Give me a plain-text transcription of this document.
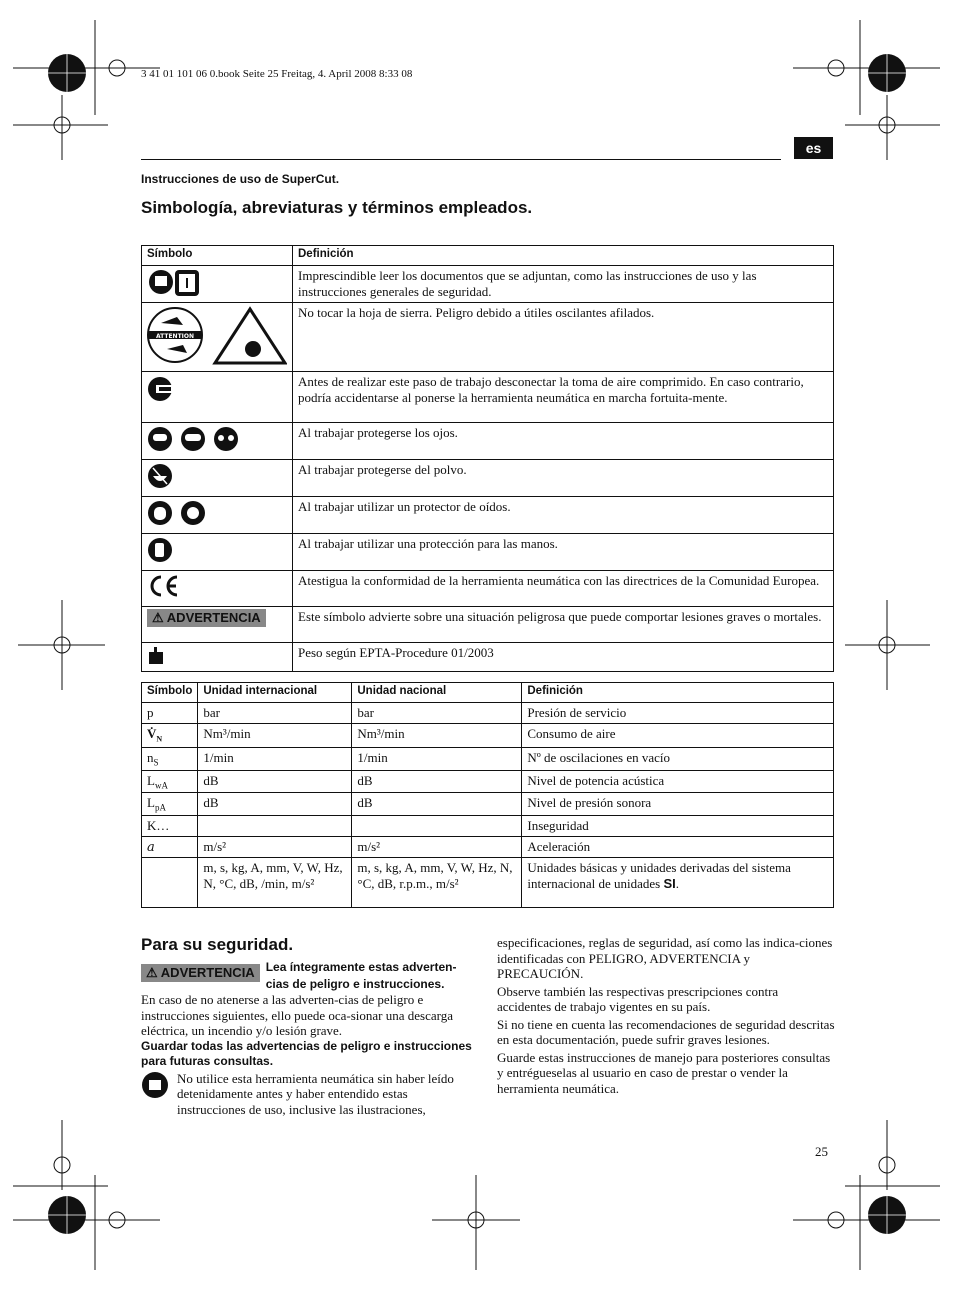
3 41 01 101 06 0.book Seite 25 Freitag, 4. April 2008 8:33 08
es
Instrucciones de uso de SuperCut.
Simbología, abreviaturas y términos empleados.
Símbolo	Definición
	Imprescindible leer los documentos que se adjuntan, como las instrucciones de uso y las instrucciones generales de seguridad.

ATTENTION	No tocar la hoja de sierra. Peligro debido a útiles oscilantes afilados.
	Antes de realizar este paso de trabajo desconectar la toma de aire comprimido. En caso contrario, podría accidentarse al ponerse la herramienta neumática en marcha fortuita-mente.
	Al trabajar protegerse los ojos.
	Al trabajar protegerse del polvo.
	Al trabajar utilizar un protector de oídos.
	Al trabajar utilizar una protección para las manos.
	Atestigua la conformidad de la herramienta neumática con las directrices de la Comunidad Europea.
⚠ ADVERTENCIA	Este símbolo advierte sobre una situación peligrosa que puede comportar lesiones graves o mortales.
	Peso según EPTA-Procedure 01/2003
Símbolo	Unidad internacional	Unidad nacional	Definición
p	bar	bar	Presión de servicio
$V̇_N$	Nm³/min	Nm³/min	Consumo de aire
$n_S$	1/min	1/min	Nº de oscilaciones en vacío
$L_{wA}$	dB	dB	Nivel de potencia acústica
$L_{pA}$	dB	dB	Nivel de presión sonora
K…			Inseguridad
a	m/s²	m/s²	Aceleración
	m, s, kg, A, mm, V, W, Hz, N, °C, dB, /min, m/s²	m, s, kg, A, mm, V, W, Hz, N, °C, dB, r.p.m., m/s²	Unidades básicas y unidades derivadas del sistema internacional de unidades SI.
Para su seguridad.
⚠ ADVERTENCIA Lea íntegramente estas adverten-cias de peligro e instrucciones.
En caso de no atenerse a las adverten-cias de peligro e instrucciones siguientes, ello puede oca-sionar una descarga eléctrica, un incendio y/o lesión grave.
Guardar todas las advertencias de peligro e instrucciones para futuras consultas.
No utilice esta herramienta neumática sin haber leído detenidamente antes y haber entendido estas instrucciones de uso, inclusive las ilustraciones,
especificaciones, reglas de seguridad, así como las indica-ciones identificadas con PELIGRO, ADVERTENCIA y PRECAUCIÓN.
Observe también las respectivas prescripciones contra accidentes de trabajo vigentes en su país.
Si no tiene en cuenta las recomendaciones de seguridad descritas en esta documentación, puede sufrir graves lesiones.
Guarde estas instrucciones de manejo para posteriores consultas y entrégueselas al usuario en caso de prestar o vender la herramienta neumática.
25
